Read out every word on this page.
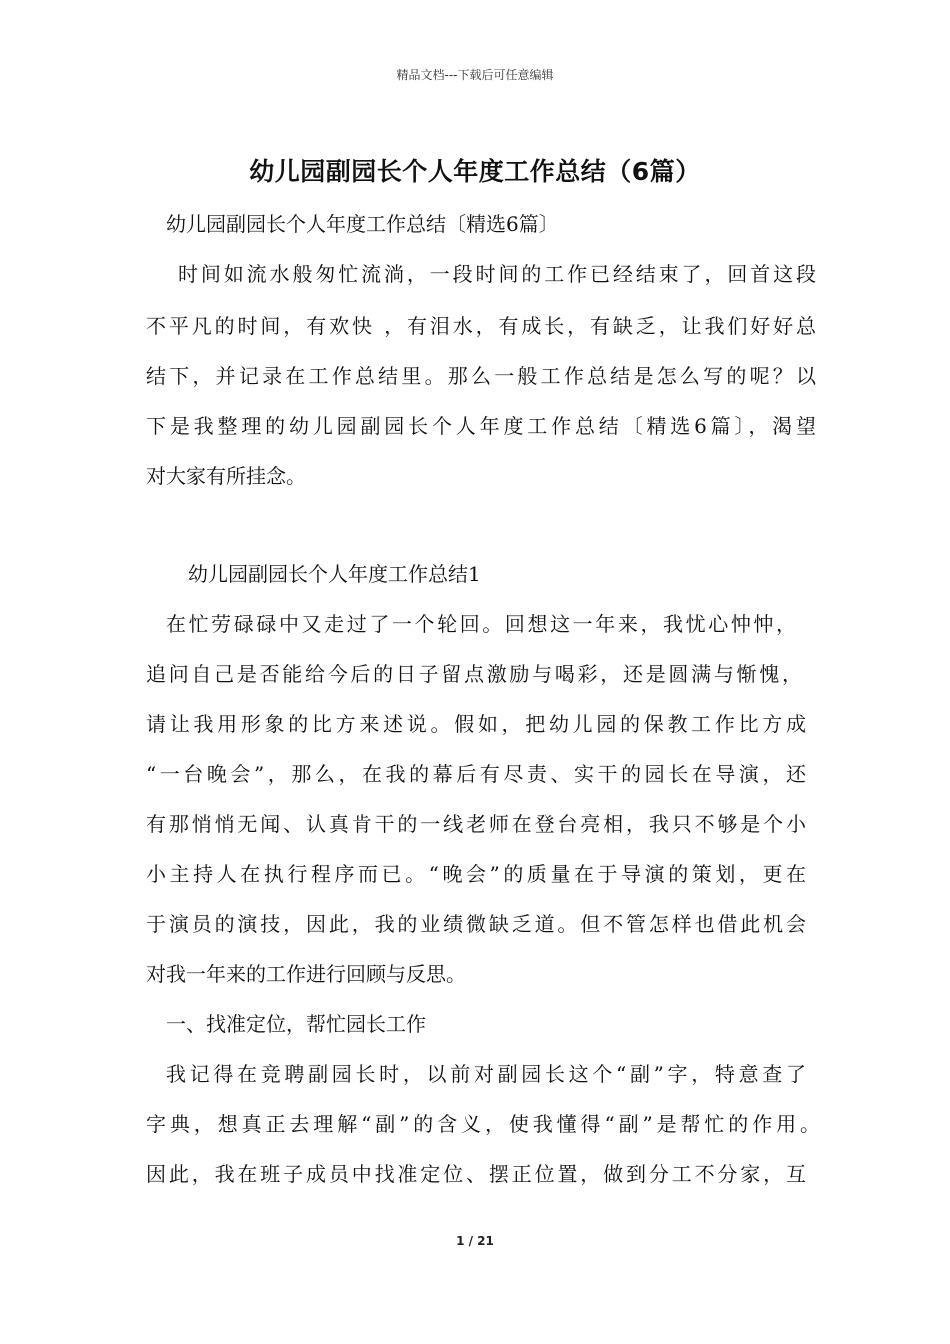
精品文档---下载后可任意编辑
幼儿园副园长个人年度工作总结（6篇）
幼儿园副园长个人年度工作总结〔精选6篇〕
时间如流水般匆忙流淌，一段时间的工作已经结束了，回首这段
不平凡的时间，有欢快 ，有泪水，有成长，有缺乏，让我们好好总
结下，并记录在工作总结里。那么一般工作总结是怎么写的呢？以
下是我整理的幼儿园副园长个人年度工作总结〔精选6篇〕，渴望
对大家有所挂念。
幼儿园副园长个人年度工作总结1
在忙劳碌碌中又走过了一个轮回。回想这一年来，我忧心忡忡，
追问自己是否能给今后的日子留点激励与喝彩，还是圆满与惭愧，
请让我用形象的比方来述说。假如，把幼儿园的保教工作比方成
“一台晚会”，那么，在我的幕后有尽责、实干的园长在导演，还
有那悄悄无闻、认真肯干的一线老师在登台亮相，我只不够是个小
小主持人在执行程序而已。“晚会”的质量在于导演的策划，更在
于演员的演技，因此，我的业绩微缺乏道。但不管怎样也借此机会
对我一年来的工作进行回顾与反思。
一、找准定位，帮忙园长工作
我记得在竞聘副园长时，以前对副园长这个“副”字，特意查了
字典，想真正去理解“副”的含义，使我懂得“副”是帮忙的作用。
因此，我在班子成员中找准定位、摆正位置，做到分工不分家，互
1 / 21
